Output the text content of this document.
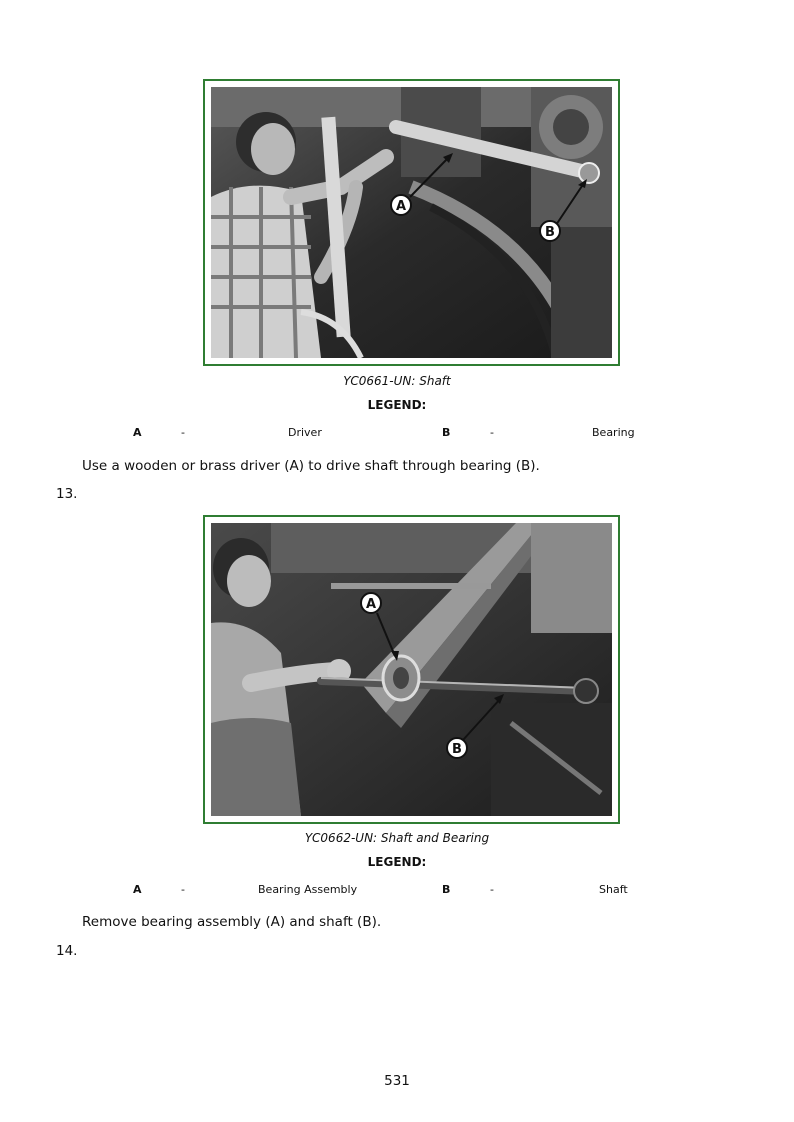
A
B
YC0661-UN: Shaft
LEGEND:
A	-	Driver	B	-	Bearing
Use a wooden or brass driver (A) to drive shaft through bearing (B).
13.
A
B
YC0662-UN: Shaft and Bearing
LEGEND:
A	-	Bearing Assembly	B	-	Shaft
Remove bearing assembly (A) and shaft (B).
14.
531
